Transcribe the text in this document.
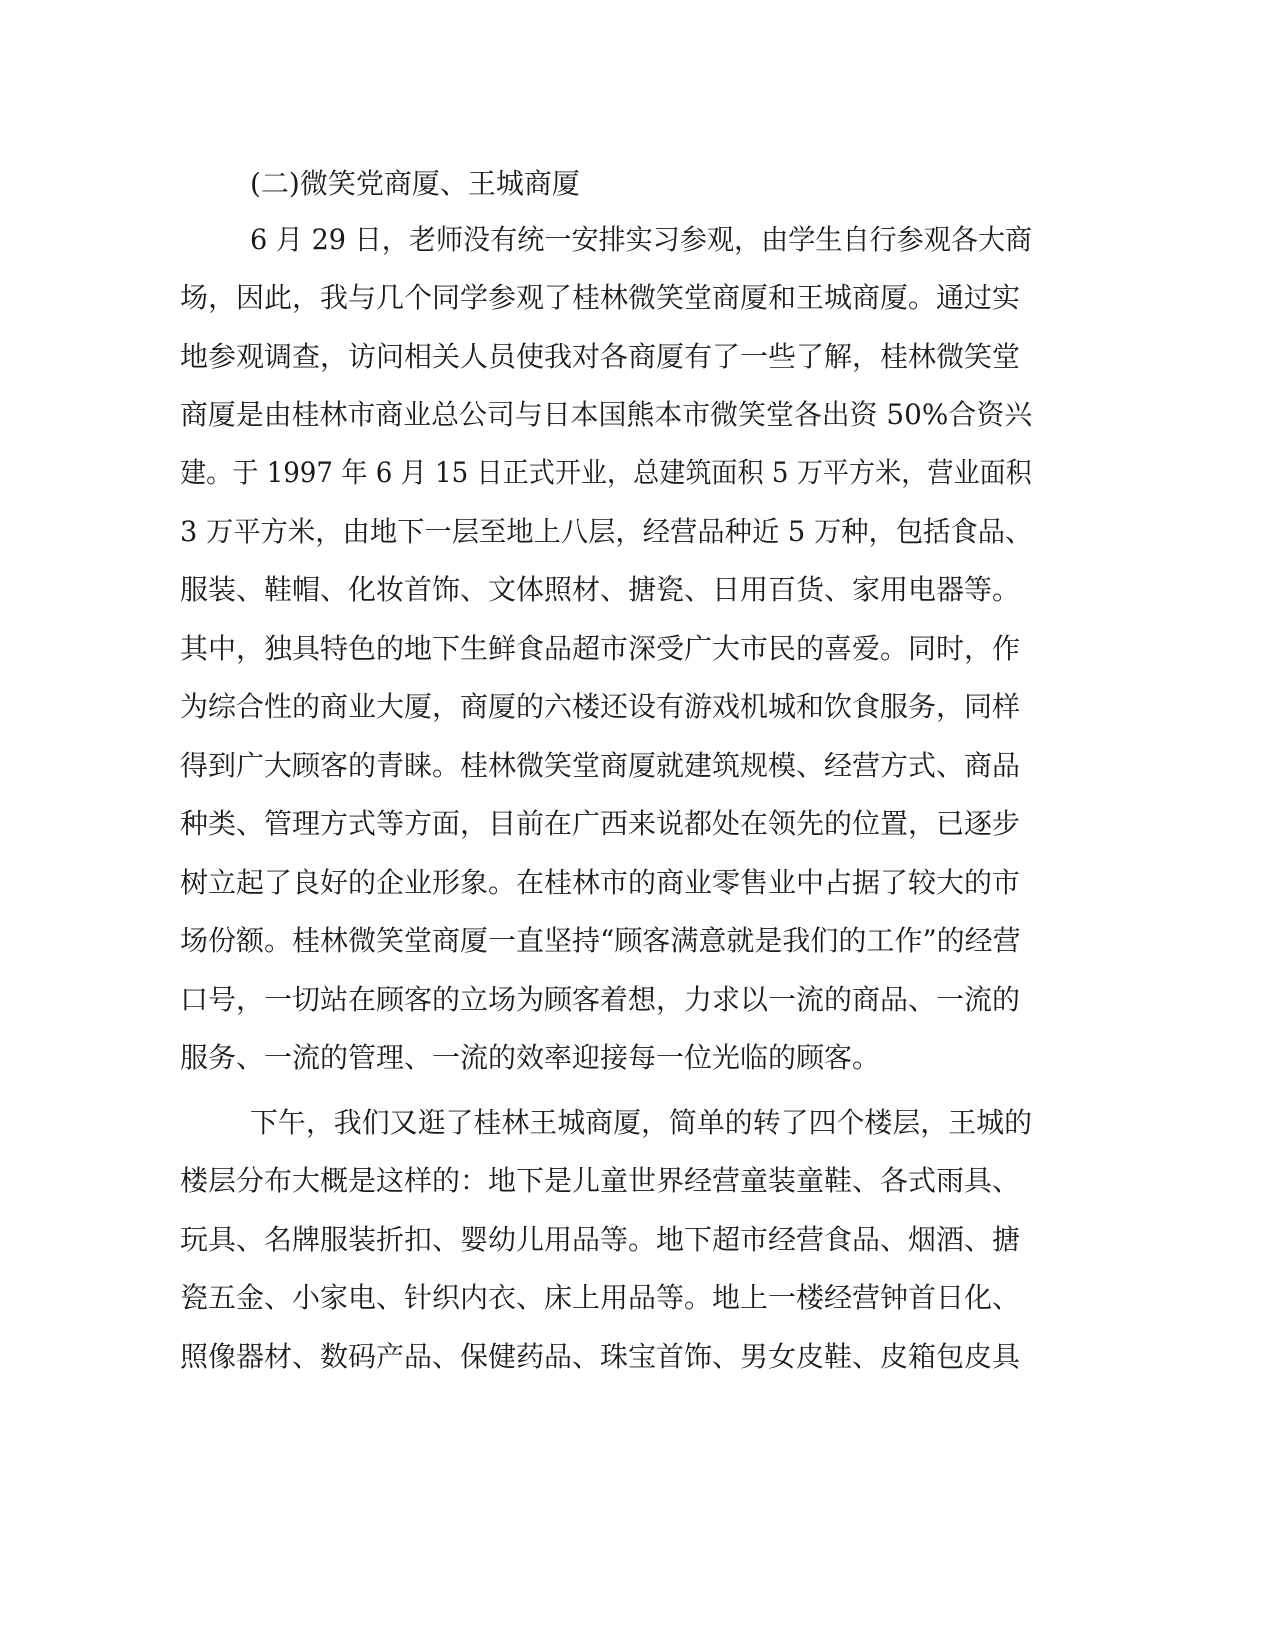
(二)微笑党商厦、王城商厦
6 月 29 日，老师没有统一安排实习参观，由学生自行参观各大商
场，因此，我与几个同学参观了桂林微笑堂商厦和王城商厦。通过实
地参观调查，访问相关人员使我对各商厦有了一些了解，桂林微笑堂
商厦是由桂林市商业总公司与日本国熊本市微笑堂各出资 50%合资兴
建。于 1997 年 6 月 15 日正式开业，总建筑面积 5 万平方米，营业面积
3 万平方米，由地下一层至地上八层，经营品种近 5 万种，包括食品、
服装、鞋帽、化妆首饰、文体照材、搪瓷、日用百货、家用电器等。
其中，独具特色的地下生鲜食品超市深受广大市民的喜爱。同时，作
为综合性的商业大厦，商厦的六楼还设有游戏机城和饮食服务，同样
得到广大顾客的青睐。桂林微笑堂商厦就建筑规模、经营方式、商品
种类、管理方式等方面，目前在广西来说都处在领先的位置，已逐步
树立起了良好的企业形象。在桂林市的商业零售业中占据了较大的市
场份额。桂林微笑堂商厦一直坚持“顾客满意就是我们的工作”的经营
口号，一切站在顾客的立场为顾客着想，力求以一流的商品、一流的
服务、一流的管理、一流的效率迎接每一位光临的顾客。
下午，我们又逛了桂林王城商厦，简单的转了四个楼层，王城的
楼层分布大概是这样的：地下是儿童世界经营童装童鞋、各式雨具、
玩具、名牌服装折扣、婴幼儿用品等。地下超市经营食品、烟酒、搪
瓷五金、小家电、针织内衣、床上用品等。地上一楼经营钟首日化、
照像器材、数码产品、保健药品、珠宝首饰、男女皮鞋、皮箱包皮具
